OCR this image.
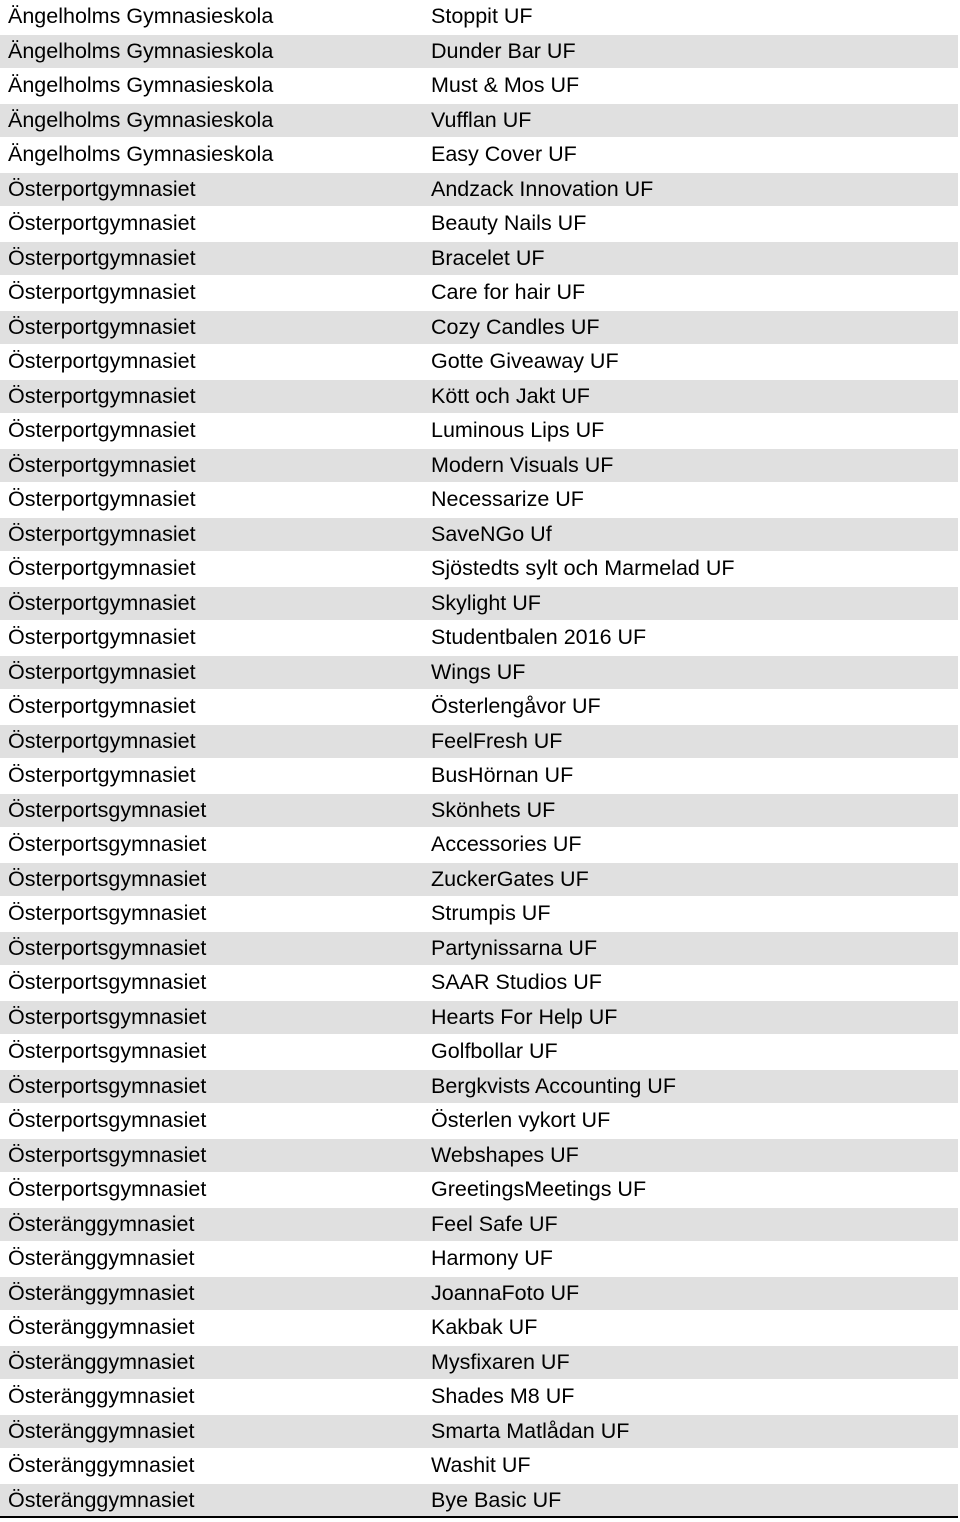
Ängelholms Gymnasieskola	Stoppit UF
Ängelholms Gymnasieskola	Dunder Bar UF
Ängelholms Gymnasieskola	Must & Mos UF
Ängelholms Gymnasieskola	Vufflan UF
Ängelholms Gymnasieskola	Easy Cover UF
Österportgymnasiet	Andzack Innovation UF
Österportgymnasiet	Beauty Nails UF
Österportgymnasiet	Bracelet UF
Österportgymnasiet	Care for hair UF
Österportgymnasiet	Cozy Candles UF
Österportgymnasiet	Gotte Giveaway UF
Österportgymnasiet	Kött och Jakt UF
Österportgymnasiet	Luminous Lips UF
Österportgymnasiet	Modern Visuals UF
Österportgymnasiet	Necessarize UF
Österportgymnasiet	SaveNGo Uf
Österportgymnasiet	Sjöstedts sylt och Marmelad UF
Österportgymnasiet	Skylight UF
Österportgymnasiet	Studentbalen 2016 UF
Österportgymnasiet	Wings UF
Österportgymnasiet	Österlengåvor UF
Österportgymnasiet	FeelFresh UF
Österportgymnasiet	BusHörnan UF
Österportsgymnasiet	Skönhets UF
Österportsgymnasiet	Accessories UF
Österportsgymnasiet	ZuckerGates UF
Österportsgymnasiet	Strumpis UF
Österportsgymnasiet	Partynissarna UF
Österportsgymnasiet	SAAR Studios UF
Österportsgymnasiet	Hearts For Help UF
Österportsgymnasiet	Golfbollar UF
Österportsgymnasiet	Bergkvists Accounting UF
Österportsgymnasiet	Österlen vykort UF
Österportsgymnasiet	Webshapes UF
Österportsgymnasiet	GreetingsMeetings UF
Österänggymnasiet	Feel Safe UF
Österänggymnasiet	Harmony UF
Österänggymnasiet	JoannaFoto UF
Österänggymnasiet	Kakbak UF
Österänggymnasiet	Mysfixaren UF
Österänggymnasiet	Shades M8 UF
Österänggymnasiet	Smarta Matlådan UF
Österänggymnasiet	Washit UF
Österänggymnasiet	Bye Basic UF
